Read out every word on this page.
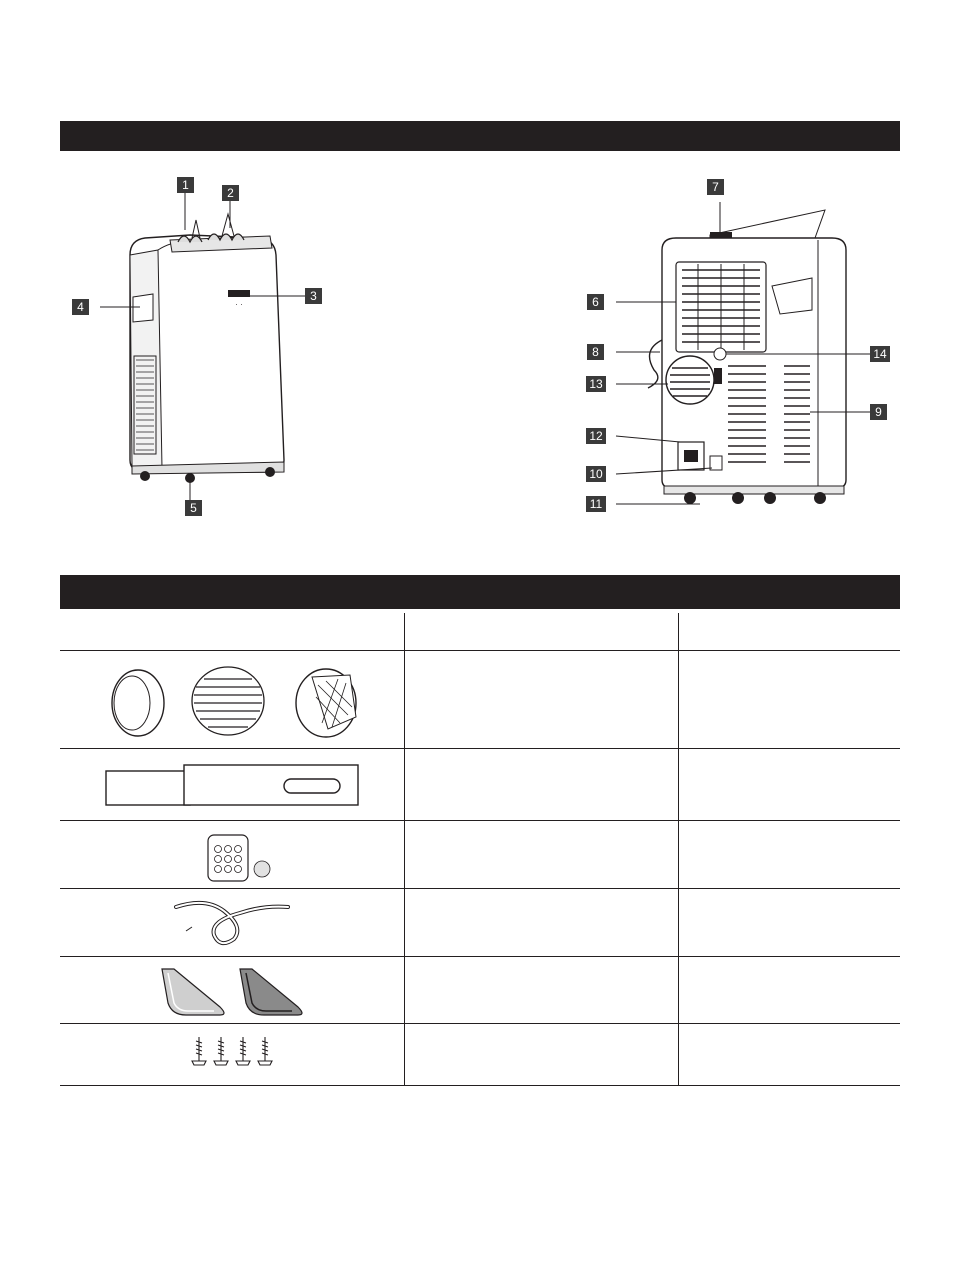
· ·
1
2
3
4
5
7
6
8
13
12
10
11
14
9
